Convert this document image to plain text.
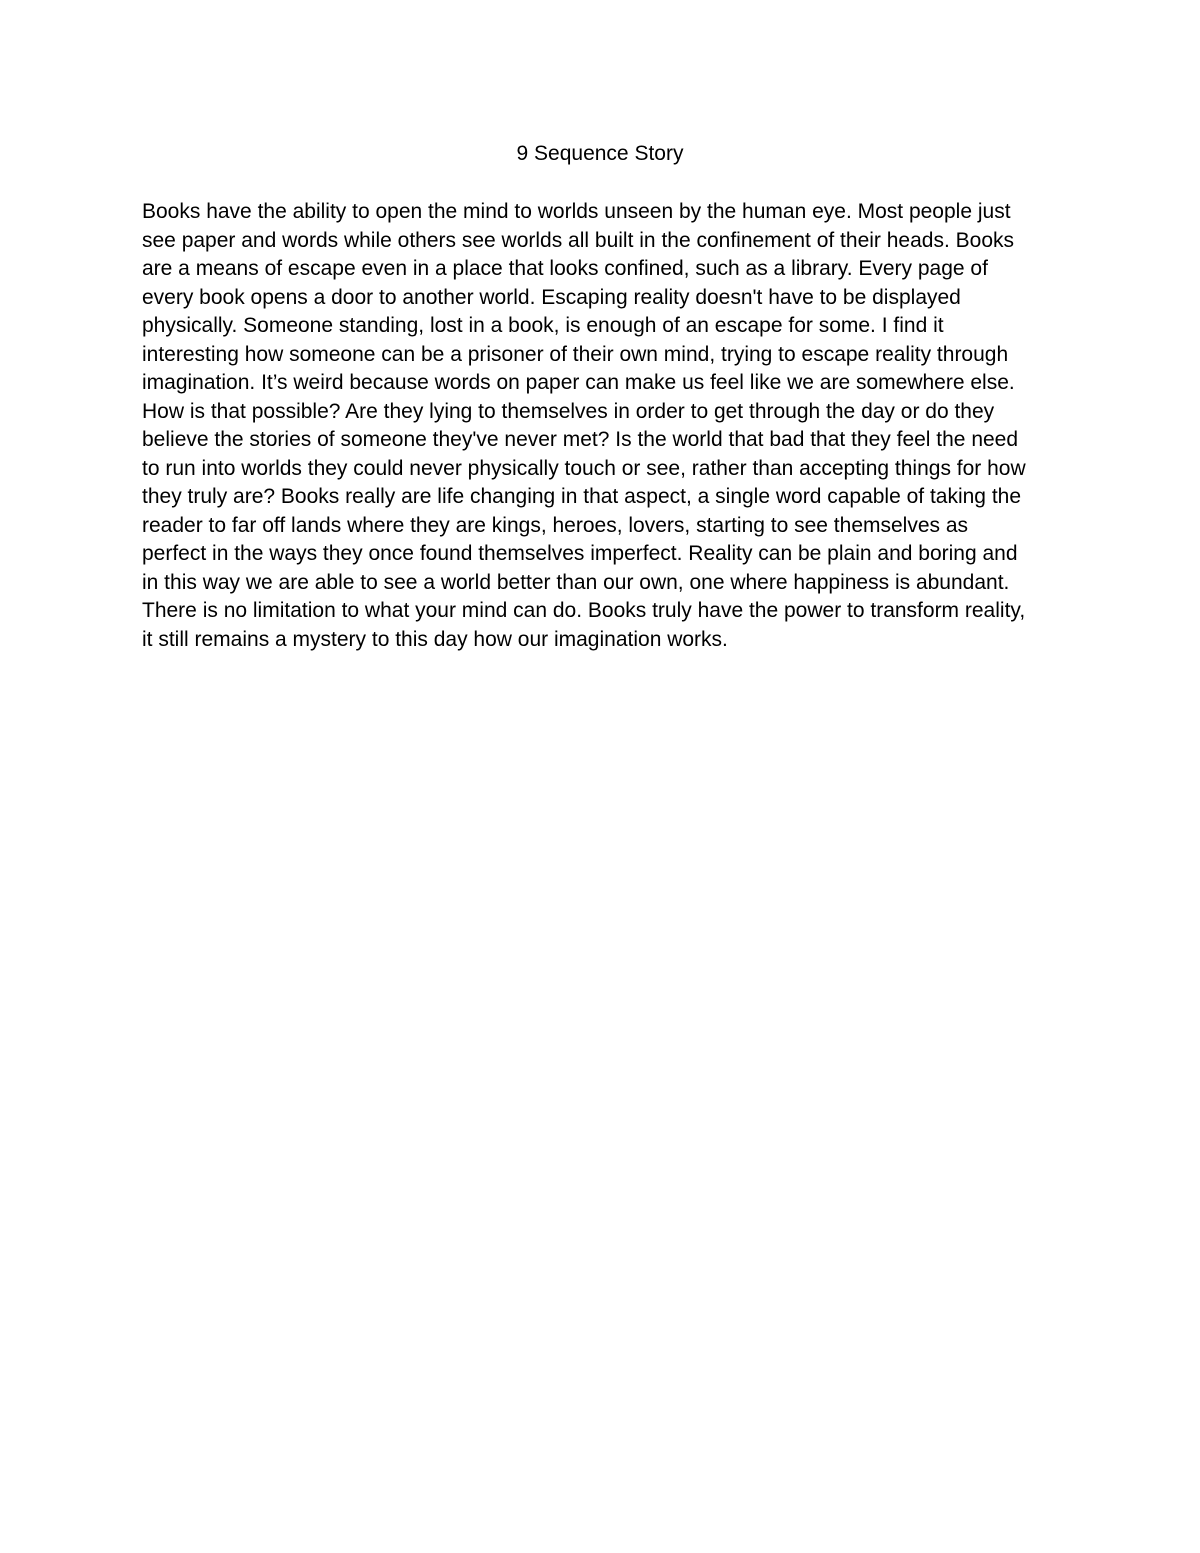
9 Sequence Story
Books have the ability to open the mind to worlds unseen by the human eye. Most people just
see paper and words while others see worlds all built in the confinement of their heads. Books
are a means of escape even in a place that looks confined, such as a library. Every page of
every book opens a door to another world. Escaping reality doesn't have to be displayed
physically. Someone standing, lost in a book, is enough of an escape for some. I find it
interesting how someone can be a prisoner of their own mind, trying to escape reality through
imagination. It’s weird because words on paper can make us feel like we are somewhere else.
How is that possible? Are they lying to themselves in order to get through the day or do they
believe the stories of someone they've never met? Is the world that bad that they feel the need
to run into worlds they could never physically touch or see, rather than accepting things for how
they truly are? Books really are life changing in that aspect, a single word capable of taking the
reader to far off lands where they are kings, heroes, lovers, starting to see themselves as
perfect in the ways they once found themselves imperfect. Reality can be plain and boring and
in this way we are able to see a world better than our own, one where happiness is abundant.
There is no limitation to what your mind can do. Books truly have the power to transform reality,
it still remains a mystery to this day how our imagination works.
